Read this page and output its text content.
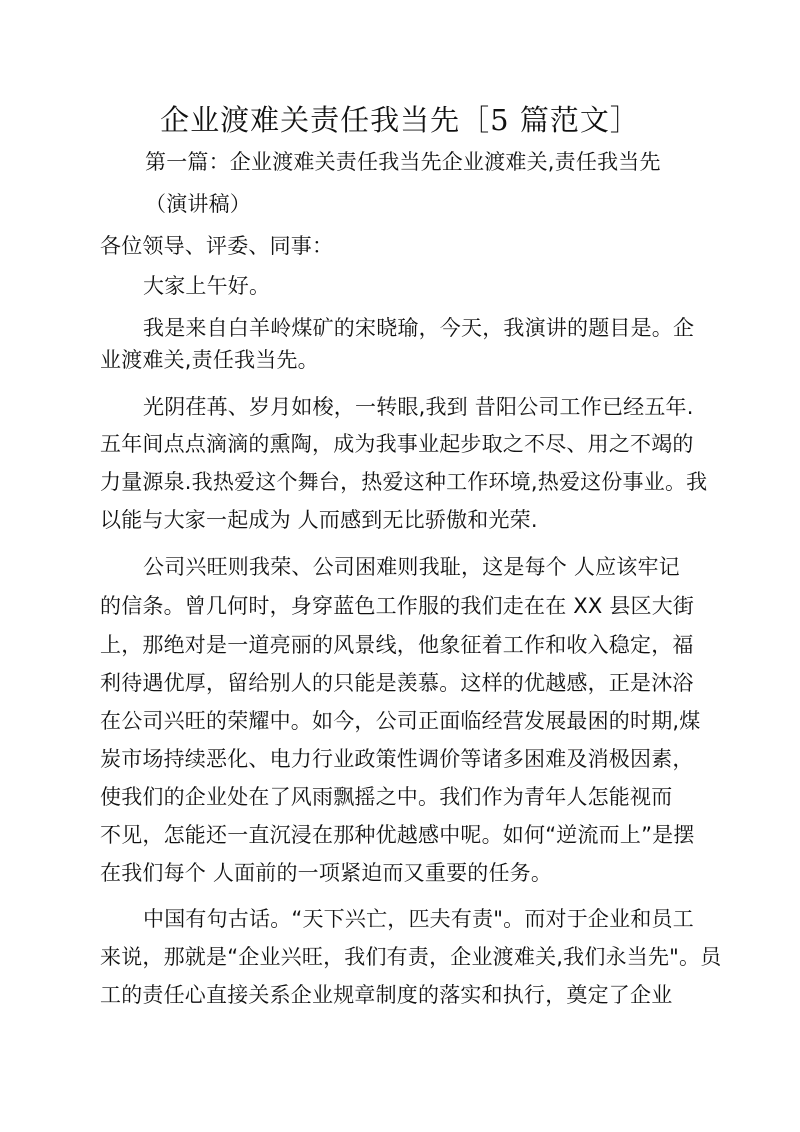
企业渡难关责任我当先［5 篇范文］
第一篇：企业渡难关责任我当先企业渡难关,责任我当先
（演讲稿）
各位领导、评委、同事：
大家上午好。
我是来自白羊岭煤矿的宋晓瑜，今天，我演讲的题目是。企
业渡难关,责任我当先。
光阴荏苒、岁月如梭，一转眼,我到 昔阳公司工作已经五年.
五年间点点滴滴的熏陶，成为我事业起步取之不尽、用之不竭的
力量源泉.我热爱这个舞台，热爱这种工作环境,热爱这份事业。我
以能与大家一起成为 人而感到无比骄傲和光荣.
公司兴旺则我荣、公司困难则我耻，这是每个 人应该牢记
的信条。曾几何时，身穿蓝色工作服的我们走在在 XX 县区大街
上，那绝对是一道亮丽的风景线，他象征着工作和收入稳定，福
利待遇优厚，留给别人的只能是羡慕。这样的优越感，正是沐浴
在公司兴旺的荣耀中。如今，公司正面临经营发展最困的时期,煤
炭市场持续恶化、电力行业政策性调价等诸多困难及消极因素，
使我们的企业处在了风雨飘摇之中。我们作为青年人怎能视而
不见，怎能还一直沉浸在那种优越感中呢。如何“逆流而上”是摆
在我们每个 人面前的一项紧迫而又重要的任务。
中国有句古话。“天下兴亡，匹夫有责"。而对于企业和员工
来说，那就是“企业兴旺，我们有责，企业渡难关,我们永当先"。员
工的责任心直接关系企业规章制度的落实和执行，奠定了企业
